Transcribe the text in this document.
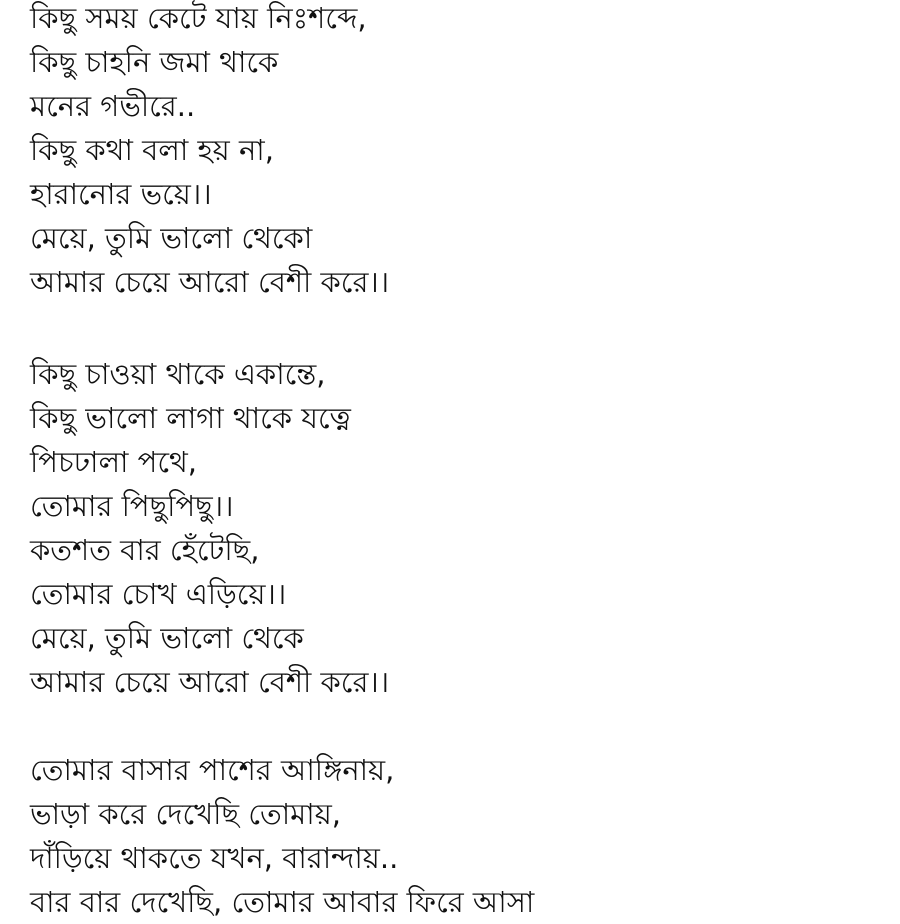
কিছু সময় কেটে যায় নিঃশব্দে,
কিছু চাহনি জমা থাকে
মনের গভীরে..
কিছু কথা বলা হয় না,
হারানোর ভয়ে।।
মেয়ে, তুমি ভালো থেকো
আমার চেয়ে আরো বেশী করে।।
কিছু চাওয়া থাকে একান্তে,
কিছু ভালো লাগা থাকে যত্নে
পিচঢালা পথে,
তোমার পিছুপিছু।।
কতশত বার হেঁটেছি,
তোমার চোখ এড়িয়ে।।
মেয়ে, তুমি ভালো থেকে
আমার চেয়ে আরো বেশী করে।।
তোমার বাসার পাশের আঙ্গিনায়,
ভাড়া করে দেখেছি তোমায়,
দাঁড়িয়ে থাকতে যখন, বারান্দায়..
বার বার দেখেছি, তোমার আবার ফিরে আসা
